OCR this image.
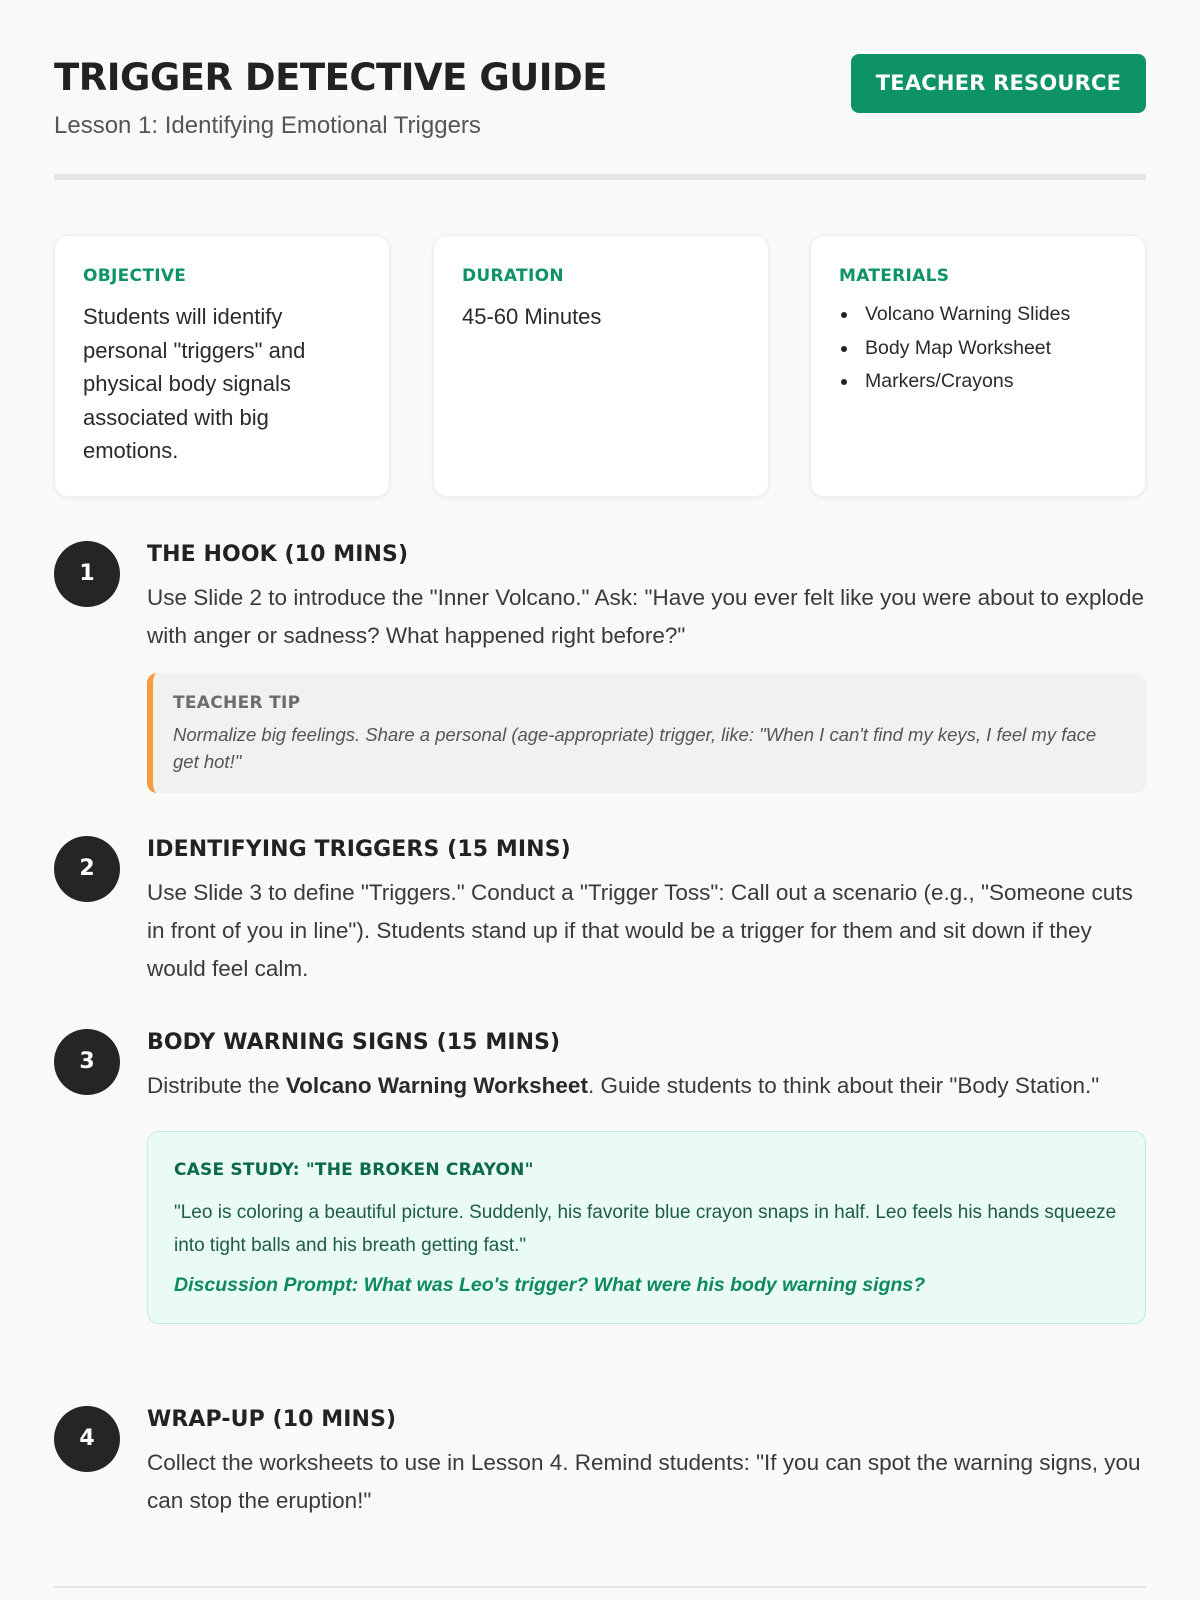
TRIGGER DETECTIVE GUIDE
Lesson 1: Identifying Emotional Triggers
TEACHER RESOURCE
OBJECTIVE
Students will identify personal "triggers" and physical body signals associated with big emotions.
DURATION
45-60 Minutes
MATERIALS
Volcano Warning Slides
Body Map Worksheet
Markers/Crayons
1
THE HOOK (10 MINS)
Use Slide 2 to introduce the "Inner Volcano." Ask: "Have you ever felt like you were about to explode with anger or sadness? What happened right before?"
TEACHER TIP
Normalize big feelings. Share a personal (age-appropriate) trigger, like: "When I can't find my keys, I feel my face get hot!"
2
IDENTIFYING TRIGGERS (15 MINS)
Use Slide 3 to define "Triggers." Conduct a "Trigger Toss": Call out a scenario (e.g., "Someone cuts in front of you in line"). Students stand up if that would be a trigger for them and sit down if they would feel calm.
3
BODY WARNING SIGNS (15 MINS)
Distribute the Volcano Warning Worksheet. Guide students to think about their "Body Station."
CASE STUDY: "THE BROKEN CRAYON"
"Leo is coloring a beautiful picture. Suddenly, his favorite blue crayon snaps in half. Leo feels his hands squeeze into tight balls and his breath getting fast."
Discussion Prompt: What was Leo's trigger? What were his body warning signs?
4
WRAP-UP (10 MINS)
Collect the worksheets to use in Lesson 4. Remind students: "If you can spot the warning signs, you can stop the eruption!"
